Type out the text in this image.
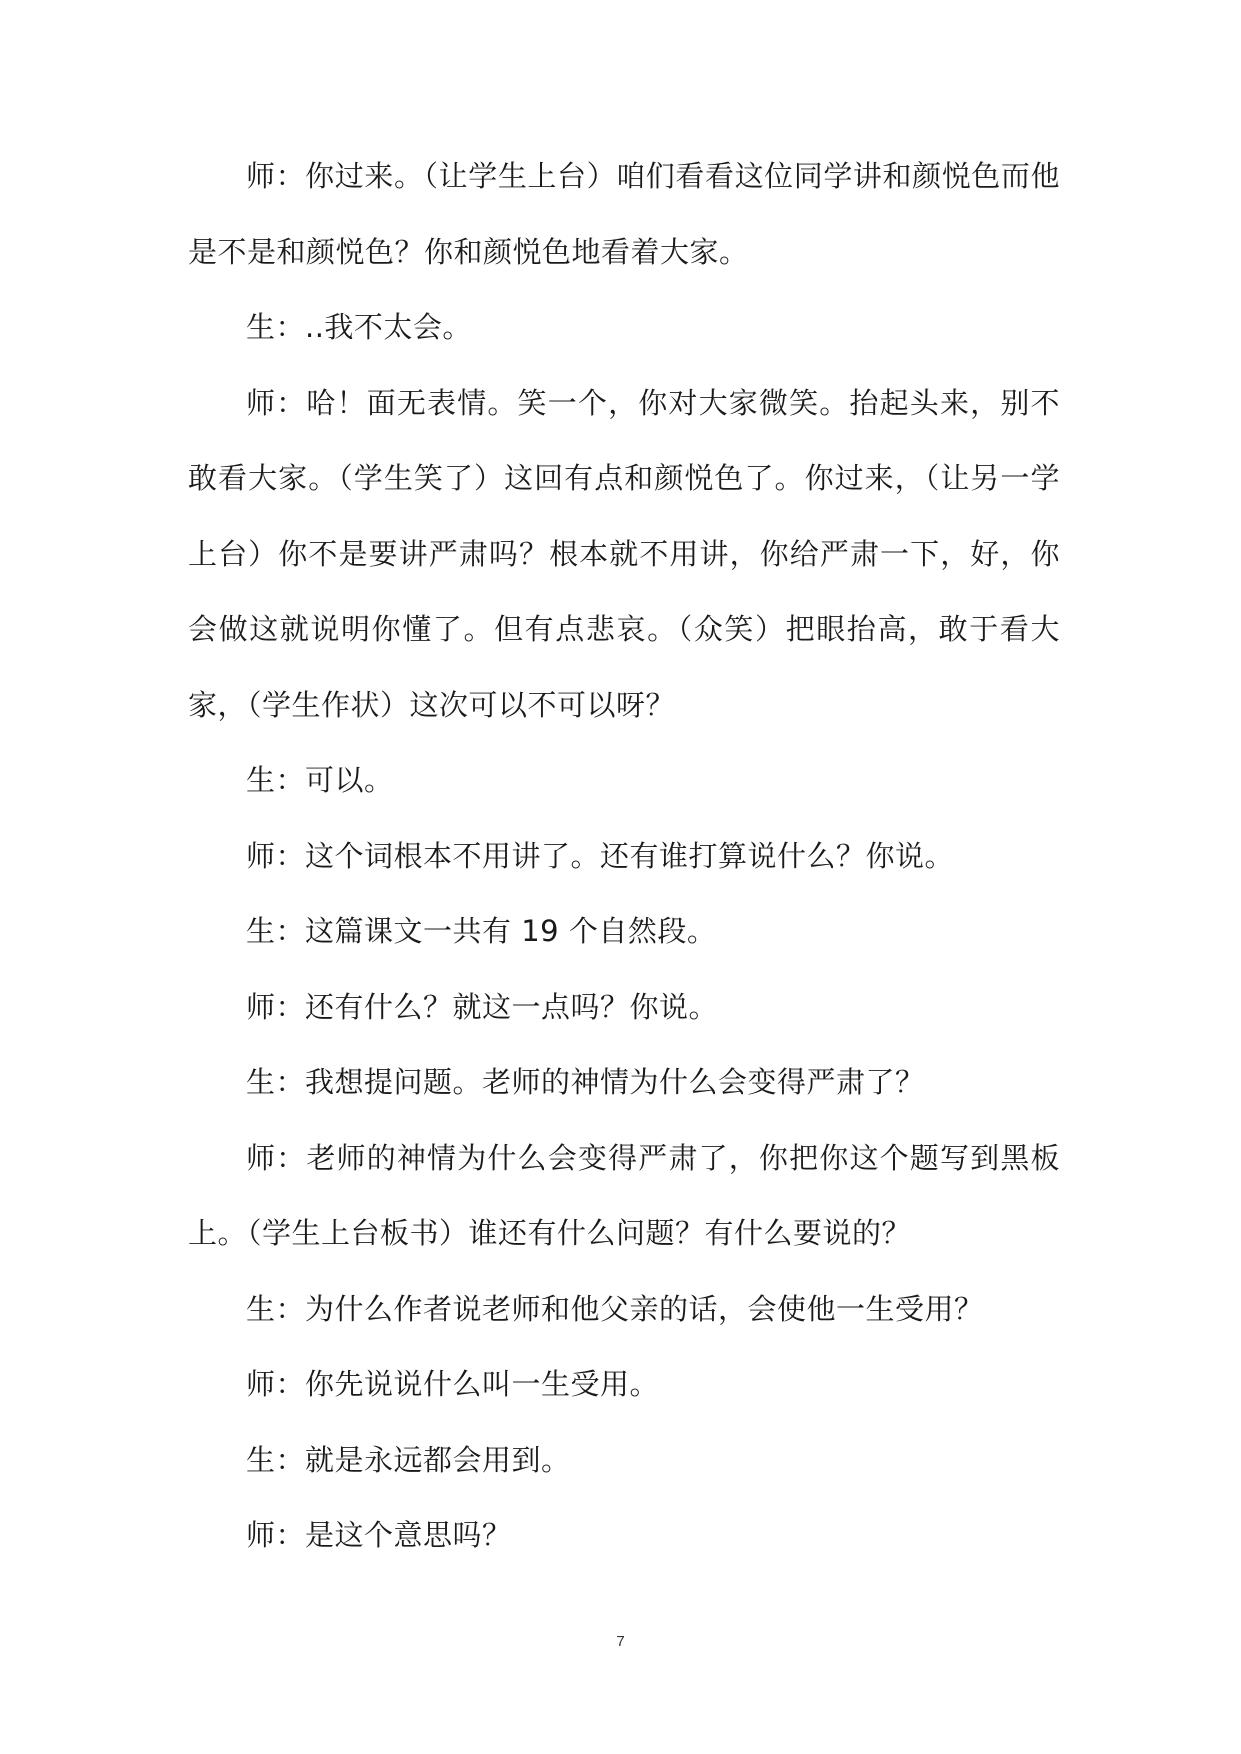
师：你过来。（让学生上台）咱们看看这位同学讲和颜悦色而他是不是和颜悦色？你和颜悦色地看着大家。

生：..我不太会。

师：哈！面无表情。笑一个，你对大家微笑。抬起头来，别不敢看大家。（学生笑了）这回有点和颜悦色了。你过来，（让另一学上台）你不是要讲严肃吗？根本就不用讲，你给严肃一下，好，你会做这就说明你懂了。但有点悲哀。（众笑）把眼抬高，敢于看大家，（学生作状）这次可以不可以呀？

生：可以。

师：这个词根本不用讲了。还有谁打算说什么？你说。

生：这篇课文一共有 19 个自然段。

师：还有什么？就这一点吗？你说。

生：我想提问题。老师的神情为什么会变得严肃了？

师：老师的神情为什么会变得严肃了，你把你这个题写到黑板上。（学生上台板书）谁还有什么问题？有什么要说的？

生：为什么作者说老师和他父亲的话，会使他一生受用？

师：你先说说什么叫一生受用。

生：就是永远都会用到。

师：是这个意思吗？

7
